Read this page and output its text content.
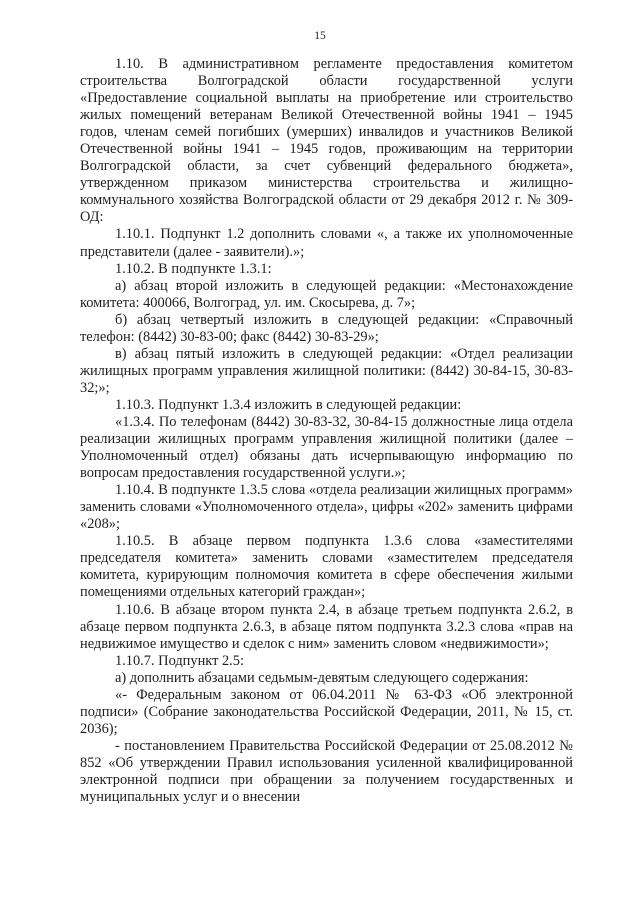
15

1.10. В административном регламенте предоставления комитетом строительства Волгоградской области государственной услуги «Предоставление социальной выплаты на приобретение или строительство жилых помещений ветеранам Великой Отечественной войны 1941 – 1945 годов, членам семей погибших (умерших) инвалидов и участников Великой Отечественной войны 1941 – 1945 годов, проживающим на территории Волгоградской области, за счет субвенций федерального бюджета», утвержденном приказом министерства строительства и жилищно-коммунального хозяйства Волгоградской области от 29 декабря 2012 г. № 309-ОД:

1.10.1. Подпункт 1.2 дополнить словами «, а также их уполномоченные представители (далее - заявители).»;

1.10.2. В подпункте 1.3.1:

а) абзац второй изложить в следующей редакции: «Местонахождение комитета: 400066, Волгоград, ул. им. Скосырева, д. 7»;

б) абзац четвертый изложить в следующей редакции: «Справочный телефон: (8442) 30-83-00; факс (8442) 30-83-29»;

в) абзац пятый изложить в следующей редакции: «Отдел реализации жилищных программ управления жилищной политики: (8442) 30-84-15, 30-83-32;»;

1.10.3. Подпункт 1.3.4 изложить в следующей редакции:

«1.3.4. По телефонам (8442) 30-83-32, 30-84-15 должностные лица отдела реализации жилищных программ управления жилищной политики (далее – Уполномоченный отдел) обязаны дать исчерпывающую информацию по вопросам предоставления государственной услуги.»;

1.10.4. В подпункте 1.3.5 слова «отдела реализации жилищных программ» заменить словами «Уполномоченного отдела», цифры «202» заменить цифрами «208»;

1.10.5. В абзаце первом подпункта 1.3.6 слова «заместителями председателя комитета» заменить словами «заместителем председателя комитета, курирующим полномочия комитета в сфере обеспечения жилыми помещениями отдельных категорий граждан»;

1.10.6. В абзаце втором пункта 2.4, в абзаце третьем подпункта 2.6.2, в абзаце первом подпункта 2.6.3, в абзаце пятом подпункта 3.2.3 слова «прав на недвижимое имущество и сделок с ним» заменить словом «недвижимости»;

1.10.7. Подпункт 2.5:

а) дополнить абзацами седьмым-девятым следующего содержания:

«- Федеральным законом от 06.04.2011 № 63-ФЗ «Об электронной подписи» (Собрание законодательства Российской Федерации, 2011, № 15, ст. 2036);

- постановлением Правительства Российской Федерации от 25.08.2012 № 852 «Об утверждении Правил использования усиленной квалифицированной электронной подписи при обращении за получением государственных и муниципальных услуг и о внесении
